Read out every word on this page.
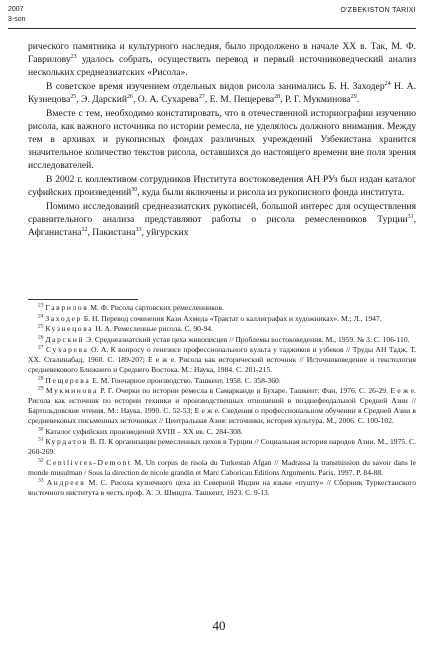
2007
3-son
O'ZBEKISTON TARIXI

рического памятника и культурного наследия, было продолжено в начале XX в. Так, М. Ф. Гаврилову$^{23}$ удалось собрать, осуществить перевод и первый источниковедческий анализ нескольких среднеазиатских «Рисола».

В советское время изучением отдельных видов рисола занимались Б. Н. Заходер$^{24}$ Н. А. Кузнецова$^{25}$, Э. Дарский$^{26}$, О. А. Сухарева$^{27}$, Е. М. Пещерева$^{28}$, Р. Г. Мукминова$^{29}$.

Вместе с тем, необходимо констатировать, что в отечественной историографии изучению рисола, как важного источника по истории ремесла, не уделялось должного внимания. Между тем в архивах и рукописных фондах различных учреждений Узбекистана хранится значительное количество текстов рисола, оставшихся до настоящего времени вне поля зрения исследователей.

В 2002 г. коллективом сотрудников Института востоковедения АН РУз был издан каталог суфийских произведений$^{30}$, куда были включены и рисола из рукописного фонда института.

Помимо исследований среднеазиатских рукописей, большой интерес для осуществления сравнительного анализа представляют работы о рисола ремесленников Турции$^{31}$, Афганистана$^{32}$, Пакистана$^{33}$, уйгурских

$^{23}$ Гаврилов М. Ф. Рисола сартовских ремесленников.
$^{24}$ Заходер Б. Н. Перевод сочинения Кази Ахмеда «Трактат о каллиграфах и художниках». М.; Л., 1947.
$^{25}$ Кузнецова Н. А. Ремесленные рисола. С. 90-94.
$^{26}$ Дарский Э. Среднеазиатский устав цеха живописцев // Проблемы востоковедения. М., 1959. № 3. С. 106-110.
$^{27}$ Сухарева О. А. К вопросу о генезисе профессионального культа у таджиков и узбеков // Труды АН Тадж. Т. XX. Сталинабад, 1960. С. 189-207; Е е ж е. Рисола как исторический источник // Источниковедение и текстология средневекового Ближнего и Среднего Востока. М.: Наука, 1984. С. 201-215.
$^{28}$ Пещерева Е. М. Гончарное производство. Ташкент, 1958. С. 358-360.
$^{29}$ Мукминова Р. Г. Очерки по истории ремесла в Самарканде и Бухаре. Ташкент: Фан, 1976. С. 26-29. Е е ж е. Рисола как источник по истории техники и производственных отношений в позднефеодальной Средней Азии // Бартольдовские чтения. М.: Наука, 1990. С. 52-53; Е е ж е. Сведения о профессиональном обучении в Средней Азии в средневековых письменных источниках // Центральная Азия: источники, история культура. М., 2006. С. 100-102.
$^{30}$ Каталог суфийских произведений XVIII – XX вв. С. 284-308.
$^{31}$ Курдатов В. П. К организации ремесленных цехов в Турции // Социальная история народов Азии. М., 1975. С. 260-269.
$^{32}$ Centlivres-Demont M. Un corpus de risola du Turkestan Afgan // Madrassa la transmission du savoir dans le monde musulman / Sous la direction de nicole grandin et Marc Caboricau.Editions Arguments. Paris. 1997. P. 84-88.
$^{33}$ Андреев М. С. Рисола кузнечного цеха из Северной Индии на языке «пушту» // Сборник Туркестанского восточного института в честь проф. А. Э. Шмидта. Ташкент, 1923. С. 9-13.
40
